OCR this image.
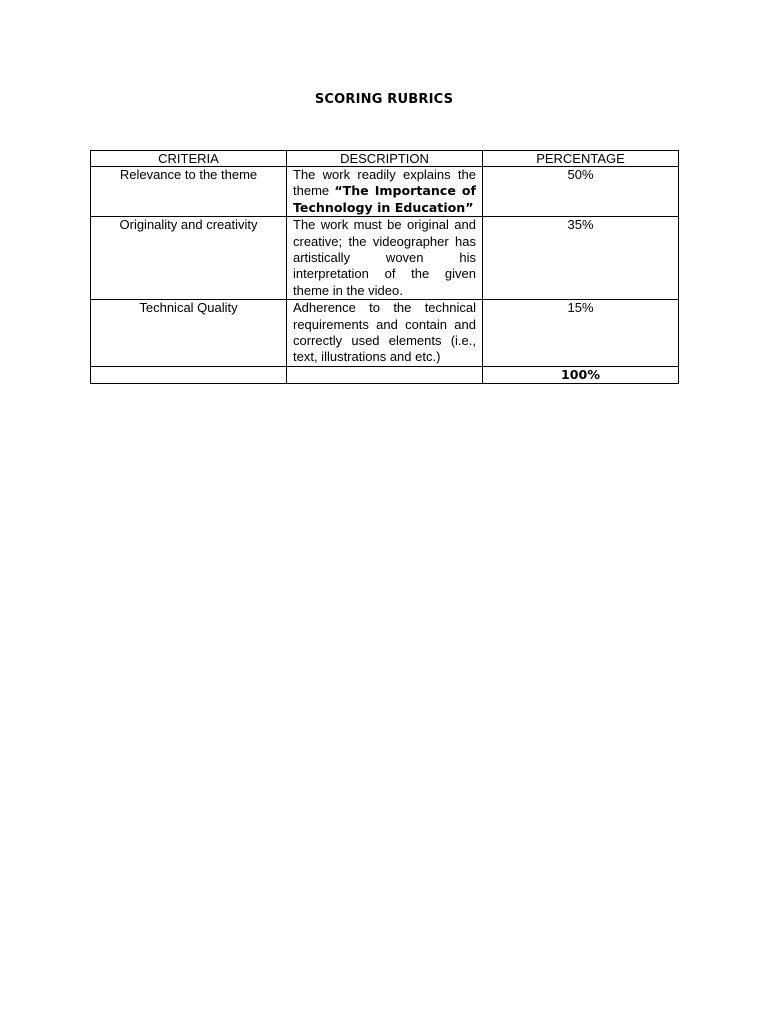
SCORING RUBRICS
CRITERIA	DESCRIPTION	PERCENTAGE
Relevance to the theme	The work readily explains the theme “The Importance of Technology in Education”	50%
Originality and creativity	The work must be original and creative; the videographer has artistically woven his interpretation of the given theme in the video.	35%
Technical Quality	Adherence to the technical requirements and contain and correctly used elements (i.e., text, illustrations and etc.)	15%
		100%
